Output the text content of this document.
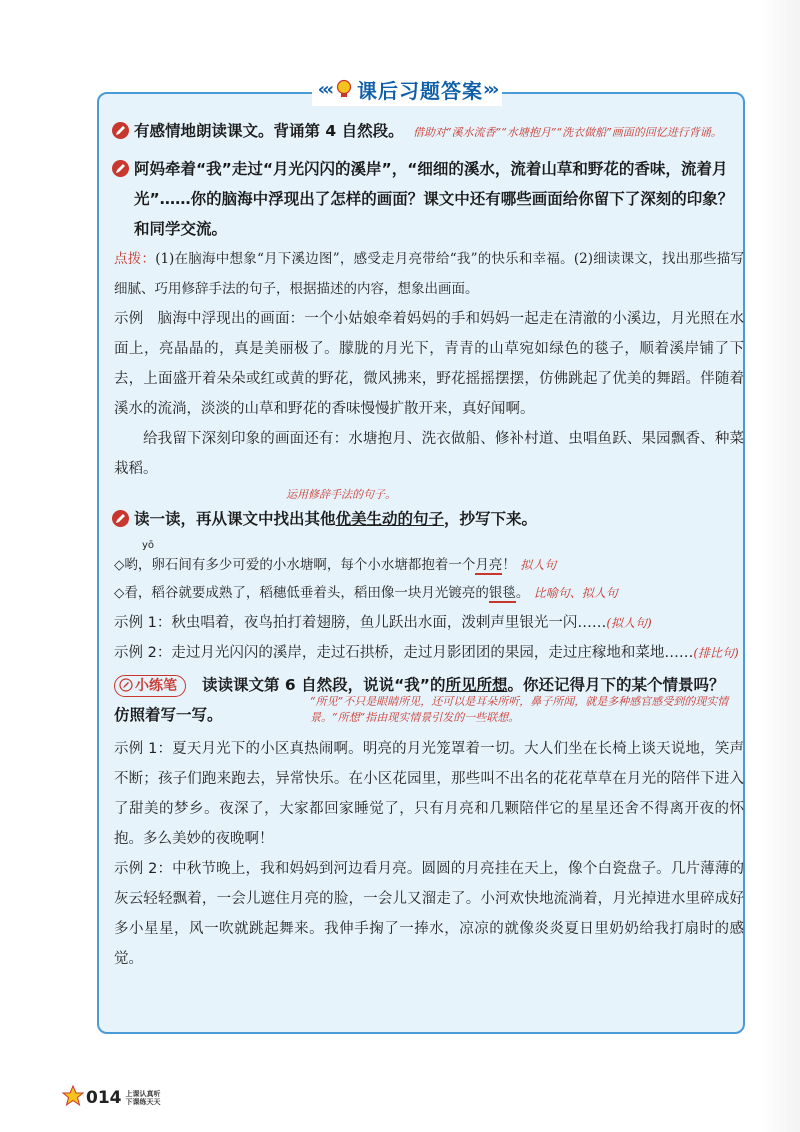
‹‹‹ 课后习题答案 ›››
有感情地朗读课文。背诵第 4 自然段。 借助对“溪水流香”“水塘抱月”“洗衣做船”画面的回忆进行背诵。
阿妈牵着“我”走过“月光闪闪的溪岸”，“细细的溪水，流着山草和野花的香味，流着月光”……你的脑海中浮现出了怎样的画面？课文中还有哪些画面给你留下了深刻的印象？和同学交流。
点拨：(1)在脑海中想象“月下溪边图”，感受走月亮带给“我”的快乐和幸福。(2)细读课文，找出那些描写细腻、巧用修辞手法的句子，根据描述的内容，想象出画面。
示例 脑海中浮现出的画面：一个小姑娘牵着妈妈的手和妈妈一起走在清澈的小溪边，月光照在水面上，亮晶晶的，真是美丽极了。朦胧的月光下，青青的山草宛如绿色的毯子，顺着溪岸铺了下去，上面盛开着朵朵或红或黄的野花，微风拂来，野花摇摇摆摆，仿佛跳起了优美的舞蹈。伴随着溪水的流淌，淡淡的山草和野花的香味慢慢扩散开来，真好闻啊。
给我留下深刻印象的画面还有：水塘抱月、洗衣做船、修补村道、虫唱鱼跃、果园飘香、种菜栽稻。
运用修辞手法的句子。
读一读，再从课文中找出其他优美生动的句子，抄写下来。
yō
◇哟，卵石间有多少可爱的小水塘啊，每个小水塘都抱着一个月亮！ 拟人句
◇看，稻谷就要成熟了，稻穗低垂着头，稻田像一块月光镀亮的银毯。 比喻句、拟人句
示例 1：秋虫唱着，夜鸟拍打着翅膀，鱼儿跃出水面，泼剌声里银光一闪……(拟人句)
示例 2：走过月光闪闪的溪岸，走过石拱桥，走过月影团团的果园，走过庄稼地和菜地……(排比句)
小练笔 读读课文第 6 自然段，说说“我”的所见所想。你还记得月下的某个情景吗？
仿照着写一写。
“所见”不只是眼睛所见，还可以是耳朵所听，鼻子所闻，就是多种感官感受到的现实情景。“所想”指由现实情景引发的一些联想。
示例 1：夏天月光下的小区真热闹啊。明亮的月光笼罩着一切。大人们坐在长椅上谈天说地，笑声不断；孩子们跑来跑去，异常快乐。在小区花园里，那些叫不出名的花花草草在月光的陪伴下进入了甜美的梦乡。夜深了，大家都回家睡觉了，只有月亮和几颗陪伴它的星星还舍不得离开夜的怀抱。多么美妙的夜晚啊！
示例 2：中秋节晚上，我和妈妈到河边看月亮。圆圆的月亮挂在天上，像个白瓷盘子。几片薄薄的灰云轻轻飘着，一会儿遮住月亮的脸，一会儿又溜走了。小河欢快地流淌着，月光掉进水里碎成好多小星星，风一吹就跳起舞来。我伸手掬了一捧水，凉凉的就像炎炎夏日里奶奶给我打扇时的感觉。
014 上课认真听
下课练天天
